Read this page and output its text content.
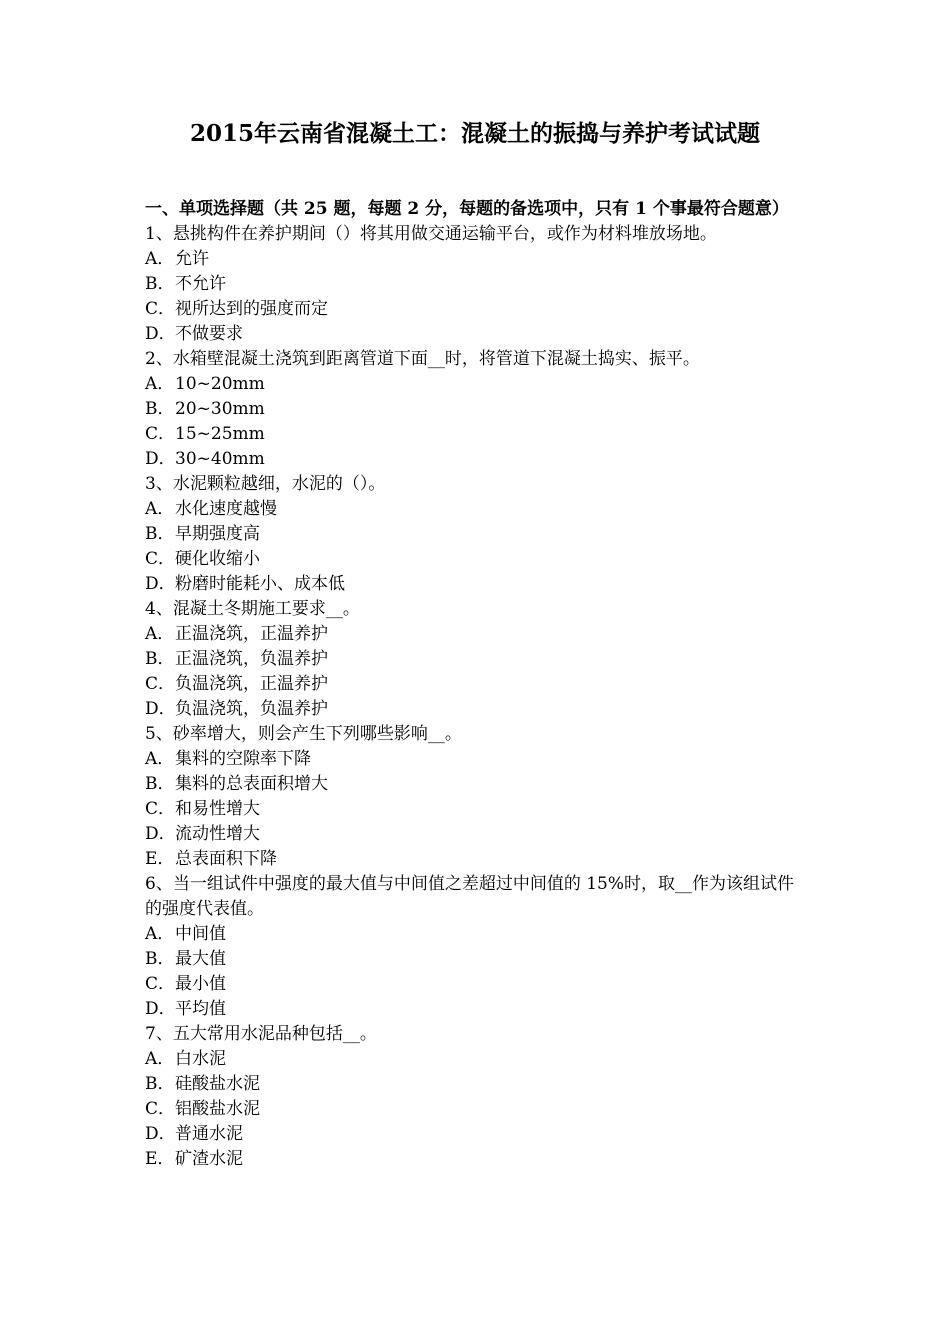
2015年云南省混凝土工：混凝土的振捣与养护考试试题

一、单项选择题（共 25 题，每题 2 分，每题的备选项中，只有 1 个事最符合题意）

1、悬挑构件在养护期间（）将其用做交通运输平台，或作为材料堆放场地。

A．允许

B．不允许

C．视所达到的强度而定

D．不做要求

2、水箱壁混凝土浇筑到距离管道下面__时，将管道下混凝土捣实、振平。

A．10~20mm

B．20~30mm

C．15~25mm

D．30~40mm

3、水泥颗粒越细，水泥的（）。

A．水化速度越慢

B．早期强度高

C．硬化收缩小

D．粉磨时能耗小、成本低

4、混凝土冬期施工要求__。

A．正温浇筑，正温养护

B．正温浇筑，负温养护

C．负温浇筑，正温养护

D．负温浇筑，负温养护

5、砂率增大，则会产生下列哪些影响__。

A．集料的空隙率下降

B．集料的总表面积增大

C．和易性增大

D．流动性增大

E．总表面积下降

6、当一组试件中强度的最大值与中间值之差超过中间值的 15%时，取__作为该组试件的强度代表值。

A．中间值

B．最大值

C．最小值

D．平均值

7、五大常用水泥品种包括__。

A．白水泥

B．硅酸盐水泥

C．铝酸盐水泥

D．普通水泥

E．矿渣水泥
